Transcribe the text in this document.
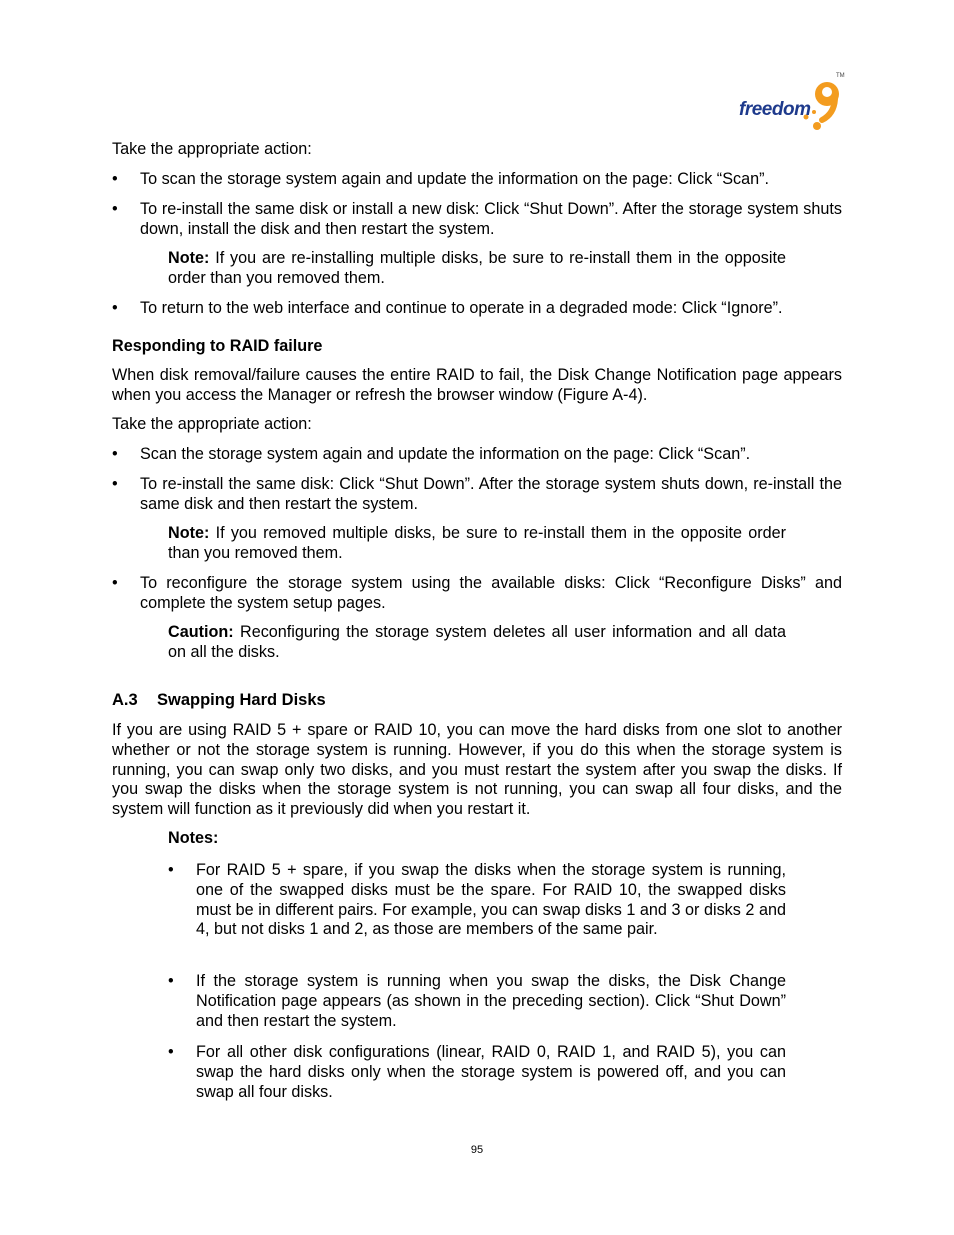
freedom
TM
Take the appropriate action:
•	To scan the storage system again and update the information on the page: Click “Scan”.
•	To re-install the same disk or install a new disk: Click “Shut Down”. After the storage system shuts down, install the disk and then restart the system.
Note: If you are re-installing multiple disks, be sure to re-install them in the opposite order than you removed them.
•	To return to the web interface and continue to operate in a degraded mode: Click “Ignore”.
Responding to RAID failure
When disk removal/failure causes the entire RAID to fail, the Disk Change Notification page appears when you access the Manager or refresh the browser window (Figure A-4).
Take the appropriate action:
•	Scan the storage system again and update the information on the page: Click “Scan”.
•	To re-install the same disk: Click “Shut Down”. After the storage system shuts down, re-install the same disk and then restart the system.
Note: If you removed multiple disks, be sure to re-install them in the opposite order than you removed them.
•	To reconfigure the storage system using the available disks: Click “Reconfigure Disks” and complete the system setup pages.
Caution: Reconfiguring the storage system deletes all user information and all data on all the disks.
A.3 Swapping Hard Disks
If you are using RAID 5 + spare or RAID 10, you can move the hard disks from one slot to another whether or not the storage system is running. However, if you do this when the storage system is running, you can swap only two disks, and you must restart the system after you swap the disks. If you swap the disks when the storage system is not running, you can swap all four disks, and the system will function as it previously did when you restart it.
Notes:
•	For RAID 5 + spare, if you swap the disks when the storage system is running, one of the swapped disks must be the spare. For RAID 10, the swapped disks must be in different pairs. For example, you can swap disks 1 and 3 or disks 2 and 4, but not disks 1 and 2, as those are members of the same pair.
•	If the storage system is running when you swap the disks, the Disk Change Notification page appears (as shown in the preceding section). Click “Shut Down” and then restart the system.
•	For all other disk configurations (linear, RAID 0, RAID 1, and RAID 5), you can swap the hard disks only when the storage system is powered off, and you can swap all four disks.
95
